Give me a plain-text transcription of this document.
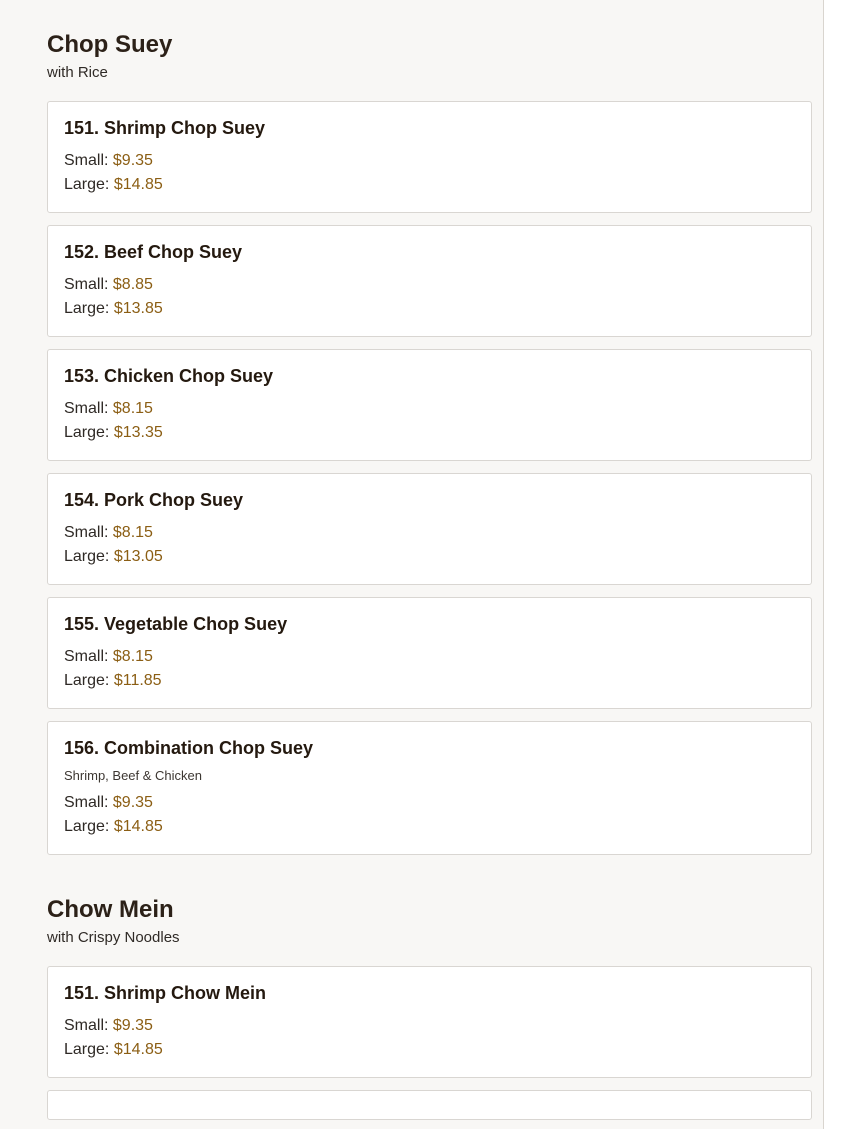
Chop Suey
with Rice
151. Shrimp Chop Suey
Small: $9.35
Large: $14.85
152. Beef Chop Suey
Small: $8.85
Large: $13.85
153. Chicken Chop Suey
Small: $8.15
Large: $13.35
154. Pork Chop Suey
Small: $8.15
Large: $13.05
155. Vegetable Chop Suey
Small: $8.15
Large: $11.85
156. Combination Chop Suey
Shrimp, Beef & Chicken
Small: $9.35
Large: $14.85
Chow Mein
with Crispy Noodles
151. Shrimp Chow Mein
Small: $9.35
Large: $14.85
